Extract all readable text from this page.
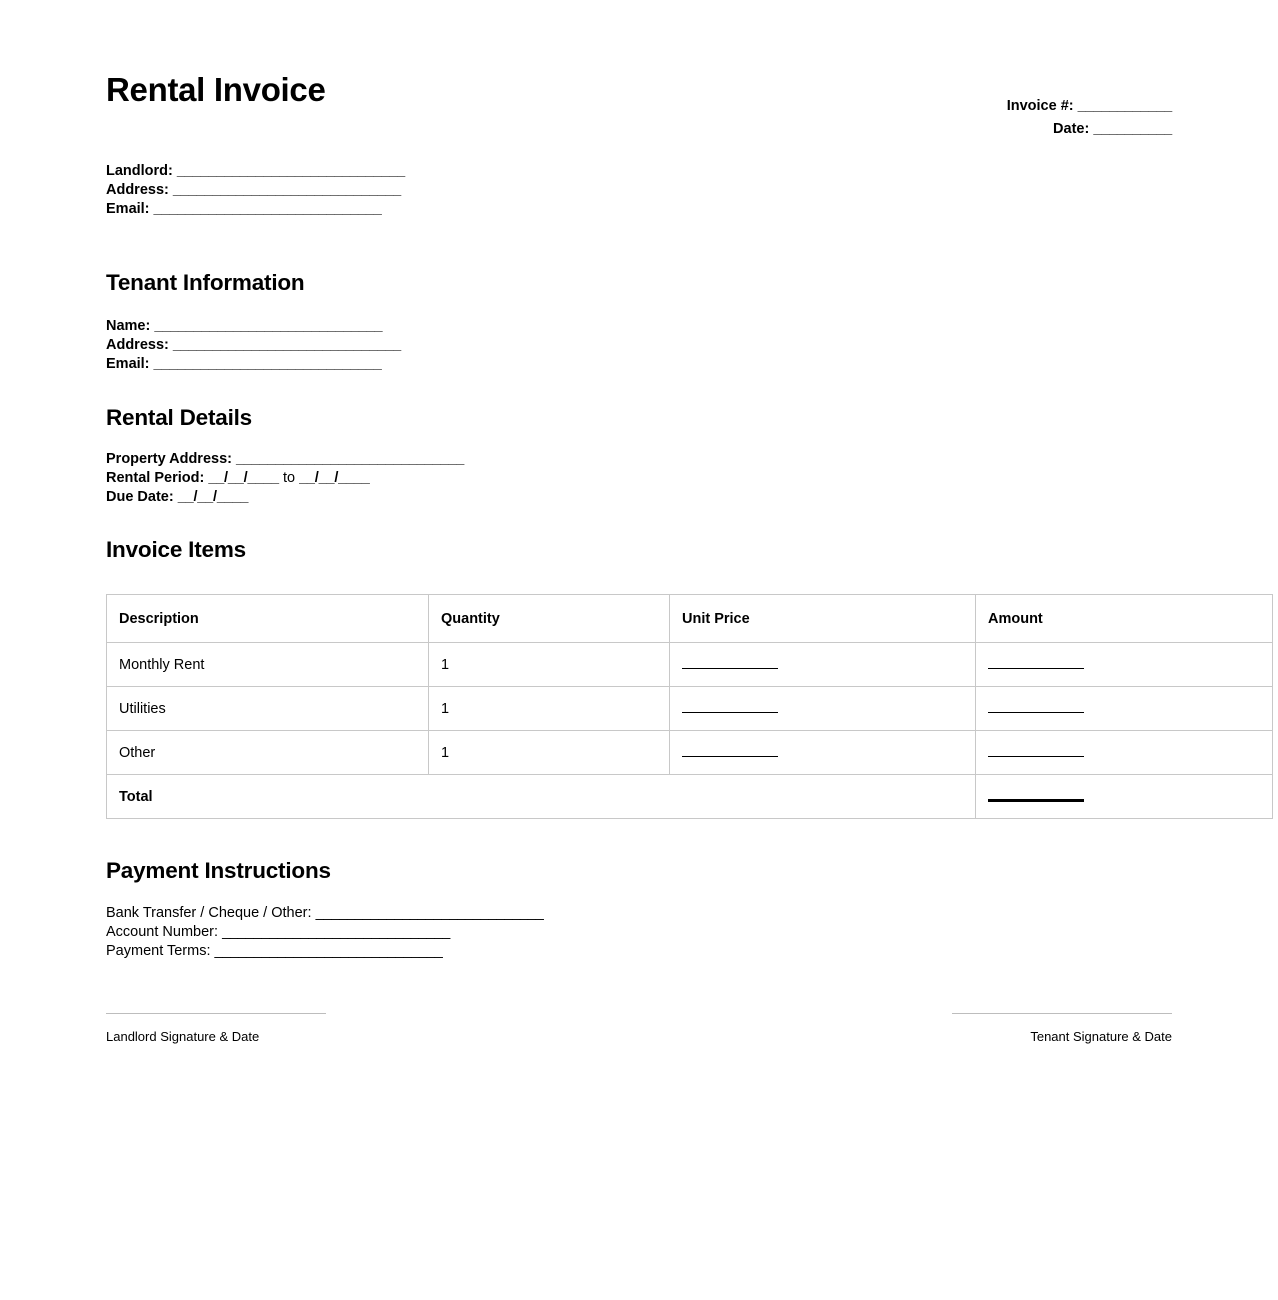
Rental Invoice	Invoice #: ____________
Date: __________
Landlord: _____________________________
Address: _____________________________
Email: _____________________________
Tenant Information
Name: _____________________________
Address: _____________________________
Email: _____________________________
Rental Details
Property Address: _____________________________
Rental Period: __/__/____ to __/__/____
Due Date: __/__/____
Invoice Items
Description	Quantity	Unit Price	Amount
Monthly Rent	1		
Utilities	1		
Other	1		
Total			
Payment Instructions
Bank Transfer / Cheque / Other: _____________________________
Account Number: _____________________________
Payment Terms: _____________________________
Landlord Signature & Date	Tenant Signature & Date
